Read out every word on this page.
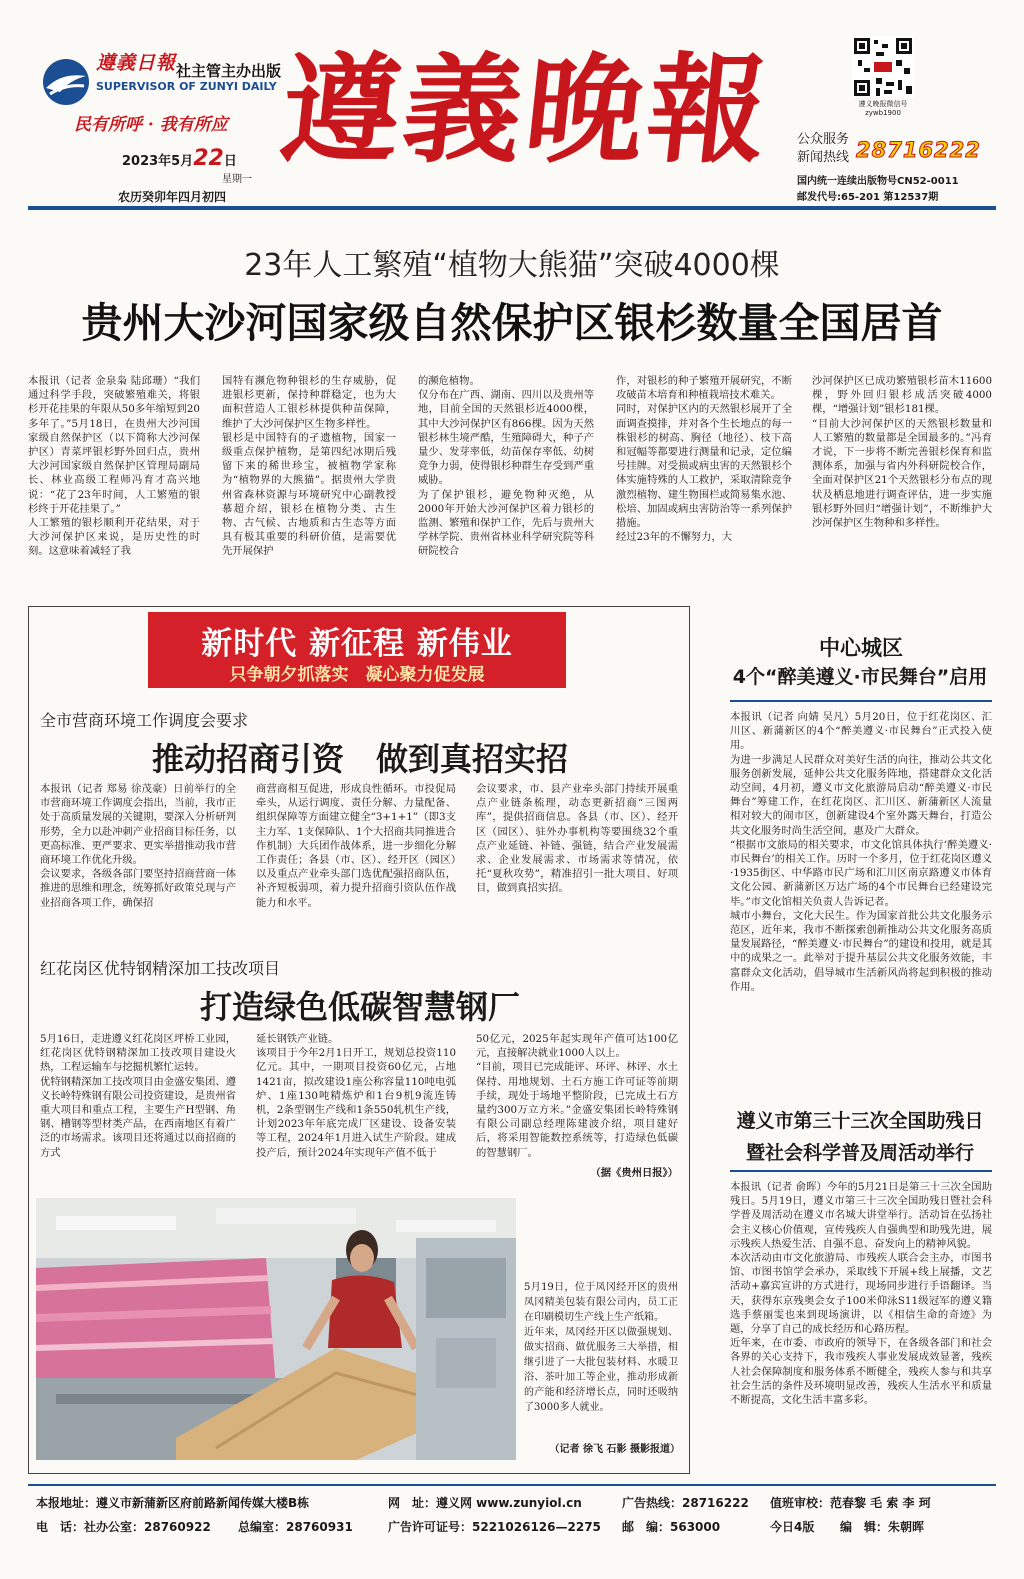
遵義日報 社主管主办出版
SUPERVISOR OF ZUNYI DAILY
民有所呼 · 我有所应
2023年5月22日
星期一
农历癸卯年四月初四
遵義晚報	遵义晚报微信号 zywb1900
公众服务
新闻热线 28716222
国内统一连续出版物号CN52-0011
邮发代号:65-201 第12537期
23年人工繁殖“植物大熊猫”突破4000棵
贵州大沙河国家级自然保护区银杉数量全国居首
本报讯（记者 金泉枭 陆邱珊）“我们通过科学手段，突破繁殖难关，将银杉开花挂果的年限从50多年缩短到20多年了。”5月18日，在贵州大沙河国家级自然保护区（以下简称大沙河保护区）青菜坪银杉野外回归点，贵州大沙河国家级自然保护区管理局副局长、林业高级工程师冯育才高兴地说：“花了23年时间，人工繁殖的银杉终于开花挂果了。”
人工繁殖的银杉顺利开花结果，对于大沙河保护区来说，是历史性的时刻。这意味着减轻了我
国特有濒危物种银杉的生存威胁，促进银杉更新，保持种群稳定，也为大面积营造人工银杉林提供种苗保障，维护了大沙河保护区生物多样性。
银杉是中国特有的孑遗植物，国家一级重点保护植物，是第四纪冰期后残留下来的稀世珍宝，被植物学家称为“植物界的大熊猫”。据贵州大学贵州省森林资源与环境研究中心副教授慕超介绍，银杉在植物分类、古生物、古气候、古地质和古生态等方面具有极其重要的科研价值，是需要优先开展保护
的濒危植物。
仅分布在广西、湖南、四川以及贵州等地，目前全国的天然银杉近4000棵，其中大沙河保护区有866棵。因为天然银杉林生境严酷，生殖障碍大，种子产量少、发芽率低，幼苗保存率低、幼树竞争力弱，使得银杉种群生存受到严重威胁。
为了保护银杉，避免物种灭绝，从2000年开始大沙河保护区着力银杉的监测、繁殖和保护工作，先后与贵州大学林学院、贵州省林业科学研究院等科研院校合
作，对银杉的种子繁殖开展研究，不断攻破苗木培育和种植栽培技术难关。
同时，对保护区内的天然银杉展开了全面调查摸排，并对各个生长地点的每一株银杉的树高、胸径（地径）、枝下高和冠幅等都要进行测量和记录，定位编号挂牌。对受损或病虫害的天然银杉个体实施特殊的人工救护，采取清除竞争激烈植物、建生物围栏或简易集水池、松培、加固或病虫害防治等一系列保护措施。
经过23年的不懈努力，大
沙河保护区已成功繁殖银杉苗木11600棵，野外回归银杉成活突破4000棵，“增强计划”银杉181棵。
“目前大沙河保护区的天然银杉数量和人工繁殖的数量都是全国最多的。”冯育才说，下一步将不断完善银杉保育和监测体系，加强与省内外科研院校合作，全面对保护区21个天然银杉分布点的现状及栖息地进行调查评估，进一步实施银杉野外回归“增强计划”，不断维护大沙河保护区生物种和多样性。
新时代 新征程 新伟业
只争朝夕抓落实　凝心聚力促发展
全市营商环境工作调度会要求
推动招商引资　做到真招实招
本报讯（记者 郑易 徐茂豪）日前举行的全市营商环境工作调度会指出，当前，我市正处于高质量发展的关键期，要深入分析研判形势，全力以赴冲刺产业招商目标任务，以更高标准、更严要求、更实举措推动我市营商环境工作优化升级。
会议要求，各级各部门要坚持招商营商一体推进的思维和理念，统筹抓好政策兑现与产业招商各项工作，确保招
商营商相互促进，形成良性循环。市投促局牵头，从运行调度、责任分解、力量配备、组织保障等方面建立健全“3+1+1”（即3支主力军、1支保障队、1个大招商共同推进合作机制）大兵团作战体系，进一步细化分解工作责任；各县（市、区）、经开区（园区）以及重点产业牵头部门选优配强招商队伍，补齐短板弱项，着力提升招商引资队伍作战能力和水平。
会议要求，市、县产业牵头部门持续开展重点产业链条梳理，动态更新招商“三图两库”，提供招商信息。各县（市、区）、经开区（园区）、驻外办事机构等要围绕32个重点产业延链、补链、强链，结合产业发展需求、企业发展需求、市场需求等情况，依托“夏秋攻势”，精准招引一批大项目、好项目，做到真招实招。
红花岗区优特钢精深加工技改项目
打造绿色低碳智慧钢厂
5月16日，走进遵义红花岗区坪桥工业园，红花岗区优特钢精深加工技改项目建设火热，工程运输车与挖掘机繁忙运转。
优特钢精深加工技改项目由金盛安集团、遵义长岭特殊钢有限公司投资建设，是贵州省重大项目和重点工程，主要生产H型钢、角钢、槽钢等型材类产品，在西南地区有着广泛的市场需求。该项目还将通过以商招商的方式
延长钢铁产业链。
该项目于今年2月1日开工，规划总投资110亿元。其中，一期项目投资60亿元，占地1421亩，拟改建设1座公称容量110吨电弧炉、1座130吨精炼炉和1台9机9流连铸机，2条型钢生产线和1条550轧机生产线，计划2023年年底完成厂区建设、设备安装等工程，2024年1月进入试生产阶段。建成投产后，预计2024年实现年产值不低于
50亿元，2025年起实现年产值可达100亿元，直接解决就业1000人以上。
“目前，项目已完成能评、环评、林评、水土保持、用地规划、土石方施工许可证等前期手续，现处于场地平整阶段，已完成土石方量约300万立方米。”金盛安集团长岭特殊钢有限公司副总经理陈建波介绍，项目建好后，将采用智能数控系统等，打造绿色低碳的智慧钢厂。
（据《贵州日报》）
5月19日，位于凤冈经开区的贵州凤冈精美包装有限公司内，员工正在印刷模切生产线上生产纸箱。
近年来，凤冈经开区以做强规划、做实招商、做优服务三大举措，相继引进了一大批包装材料、水暖卫浴、茶叶加工等企业，推动形成新的产能和经济增长点，同时还吸纳了3000多人就业。
（记者 徐飞 石影 摄影报道）
中心城区
4个“醉美遵义·市民舞台”启用
本报讯（记者 向婧 吴凡）5月20日，位于红花岗区、汇川区、新蒲新区的4个“醉美遵义·市民舞台”正式投入使用。
为进一步满足人民群众对美好生活的向往，推动公共文化服务创新发展，延伸公共文化服务阵地，搭建群众文化活动空间，4月初，遵义市文化旅游局启动“醉美遵义·市民舞台”筹建工作，在红花岗区、汇川区、新蒲新区人流量相对较大的闹市区，创新建设4个室外露天舞台，打造公共文化服务时尚生活空间，惠及广大群众。
“根据市文旅局的相关要求，市文化馆具体执行‘醉美遵义·市民舞台’的相关工作。历时一个多月，位于红花岗区遵义·1935街区、中华路市民广场和汇川区南京路遵义市体育文化公园、新蒲新区万达广场的4个市民舞台已经建设完毕。”市文化馆相关负责人告诉记者。
城市小舞台，文化大民生。作为国家首批公共文化服务示范区，近年来，我市不断探索创新推动公共文化服务高质量发展路径，“醉美遵义·市民舞台”的建设和投用，就是其中的成果之一。此举对于提升基层公共文化服务效能，丰富群众文化活动，倡导城市生活新风尚将起到积极的推动作用。
遵义市第三十三次全国助残日
暨社会科学普及周活动举行
本报讯（记者 俞晖）今年的5月21日是第三十三次全国助残日。5月19日，遵义市第三十三次全国助残日暨社会科学普及周活动在遵义市名城大讲堂举行。活动旨在弘扬社会主义核心价值观，宣传残疾人自强典型和助残先进，展示残疾人热爱生活、自强不息、奋发向上的精神风貌。
本次活动由市文化旅游局、市残疾人联合会主办，市图书馆、市图书馆学会承办，采取线下开展+线上展播，文艺活动+嘉宾宣讲的方式进行，现场同步进行手语翻译。当天，获得东京残奥会女子100米仰泳S11级冠军的遵义籍选手蔡丽雯也来到现场演讲，以《相信生命的奇迹》为题，分享了自己的成长经历和心路历程。
近年来，在市委、市政府的领导下，在各级各部门和社会各界的关心支持下，我市残疾人事业发展成效显著，残疾人社会保障制度和服务体系不断健全，残疾人参与和共享社会生活的条件及环境明显改善，残疾人生活水平和质量不断提高，文化生活丰富多彩。
本报地址：遵义市新蒲新区府前路新闻传媒大楼B栋	网　址：遵义网 www.zunyiol.cn	广告热线：28716222 值班审校：范春黎 毛 索 李 珂
电　话：社办公室：28760922 总编室：28760931	广告许可证号：5221026126—2275 邮　编：563000	今日4版 编　辑：朱朝晖
